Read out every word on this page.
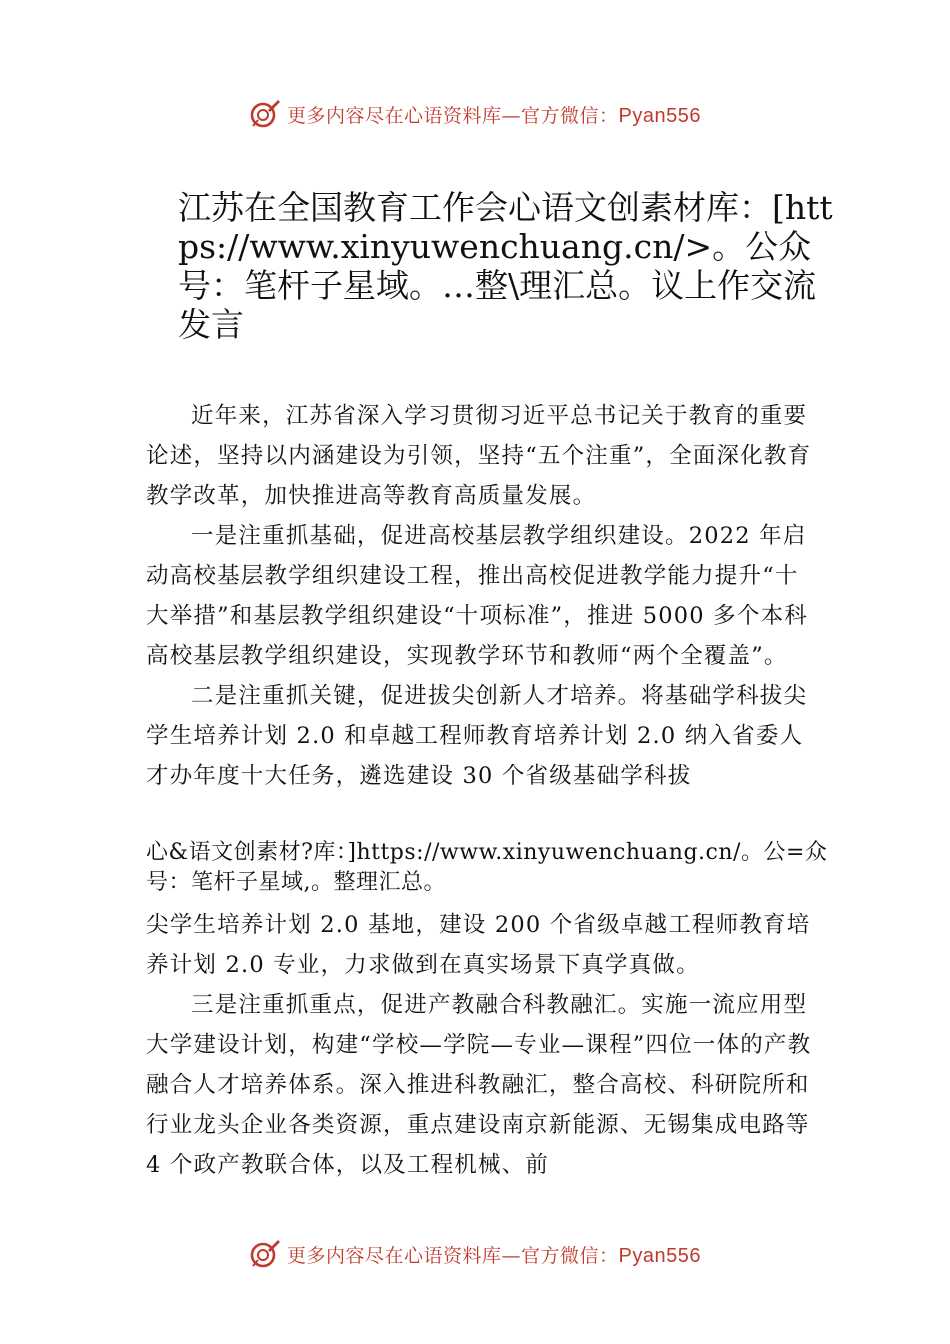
更多内容尽在心语资料库—官方微信：Pyan556
江苏在全国教育工作会心语文创素材库：[https://www.xinyuwenchuang.cn/>。公众号：笔杆子星域。…整\理汇总。议上作交流发言

近年来，江苏省深入学习贯彻习近平总书记关于教育的重要论述，坚持以内涵建设为引领，坚持“五个注重”，全面深化教育教学改革，加快推进高等教育高质量发展。

一是注重抓基础，促进高校基层教学组织建设。2022 年启动高校基层教学组织建设工程，推出高校促进教学能力提升“十大举措”和基层教学组织建设“十项标准”，推进 5000 多个本科高校基层教学组织建设，实现教学环节和教师“两个全覆盖”。

二是注重抓关键，促进拔尖创新人才培养。将基础学科拔尖学生培养计划 2.0 和卓越工程师教育培养计划 2.0 纳入省委人才办年度十大任务，遴选建设 30 个省级基础学科拔

心&语文创素材?库：]https://www.xinyuwenchuang.cn/。公=众号：笔杆子星域,。整理汇总。

尖学生培养计划 2.0 基地，建设 200 个省级卓越工程师教育培养计划 2.0 专业，力求做到在真实场景下真学真做。

三是注重抓重点，促进产教融合科教融汇。实施一流应用型大学建设计划，构建“学校—学院—专业—课程”四位一体的产教融合人才培养体系。深入推进科教融汇，整合高校、科研院所和行业龙头企业各类资源，重点建设南京新能源、无锡集成电路等 4 个政产教联合体，以及工程机械、前

更多内容尽在心语资料库—官方微信：Pyan556
